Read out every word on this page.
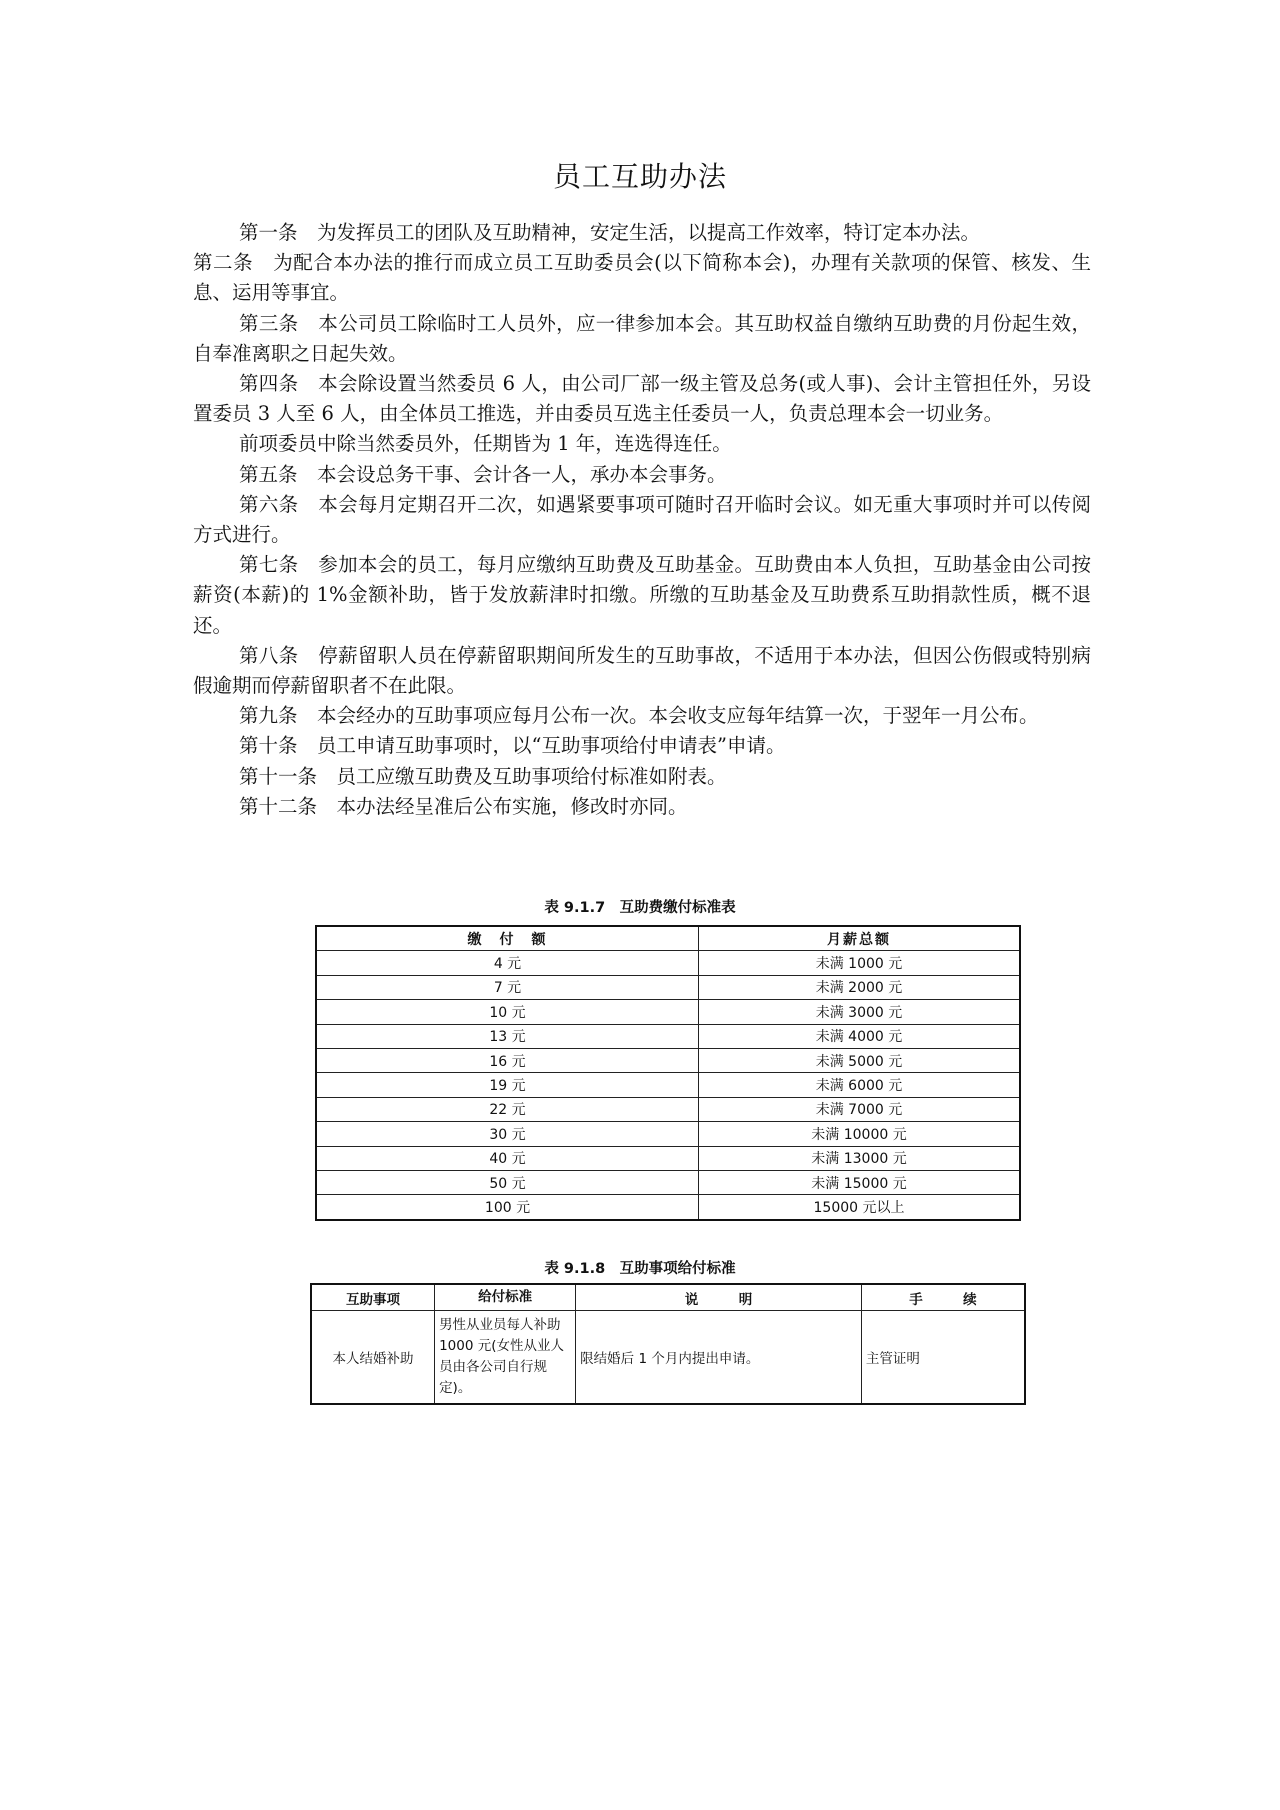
员工互助办法

第一条　为发挥员工的团队及互助精神，安定生活，以提高工作效率，特订定本办法。

第二条　为配合本办法的推行而成立员工互助委员会(以下简称本会)，办理有关款项的保管、核发、生息、运用等事宜。

第三条　本公司员工除临时工人员外，应一律参加本会。其互助权益自缴纳互助费的月份起生效，自奉准离职之日起失效。

第四条　本会除设置当然委员 6 人，由公司厂部一级主管及总务(或人事)、会计主管担任外，另设置委员 3 人至 6 人，由全体员工推选，并由委员互选主任委员一人，负责总理本会一切业务。

前项委员中除当然委员外，任期皆为 1 年，连选得连任。

第五条　本会设总务干事、会计各一人，承办本会事务。

第六条　本会每月定期召开二次，如遇紧要事项可随时召开临时会议。如无重大事项时并可以传阅方式进行。

第七条　参加本会的员工，每月应缴纳互助费及互助基金。互助费由本人负担，互助基金由公司按薪资(本薪)的 1%金额补助，皆于发放薪津时扣缴。所缴的互助基金及互助费系互助捐款性质，概不退还。

第八条　停薪留职人员在停薪留职期间所发生的互助事故，不适用于本办法，但因公伤假或特别病假逾期而停薪留职者不在此限。

第九条　本会经办的互助事项应每月公布一次。本会收支应每年结算一次，于翌年一月公布。

第十条　员工申请互助事项时，以“互助事项给付申请表”申请。

第十一条　员工应缴互助费及互助事项给付标准如附表。

第十二条　本办法经呈准后公布实施，修改时亦同。

表 9.1.7　互助费缴付标准表
缴　付　额	月薪总额
4 元	未满 1000 元
7 元	未满 2000 元
10 元	未满 3000 元
13 元	未满 4000 元
16 元	未满 5000 元
19 元	未满 6000 元
22 元	未满 7000 元
30 元	未满 10000 元
40 元	未满 13000 元
50 元	未满 15000 元
100 元	15000 元以上
表 9.1.8　互助事项给付标准
互助事项	给付标准	说　　　明	手　　　续
本人结婚补助	男性从业员每人补助 1000 元(女性从业人员由各公司自行规定)。	限结婚后 1 个月内提出申请。	主管证明
